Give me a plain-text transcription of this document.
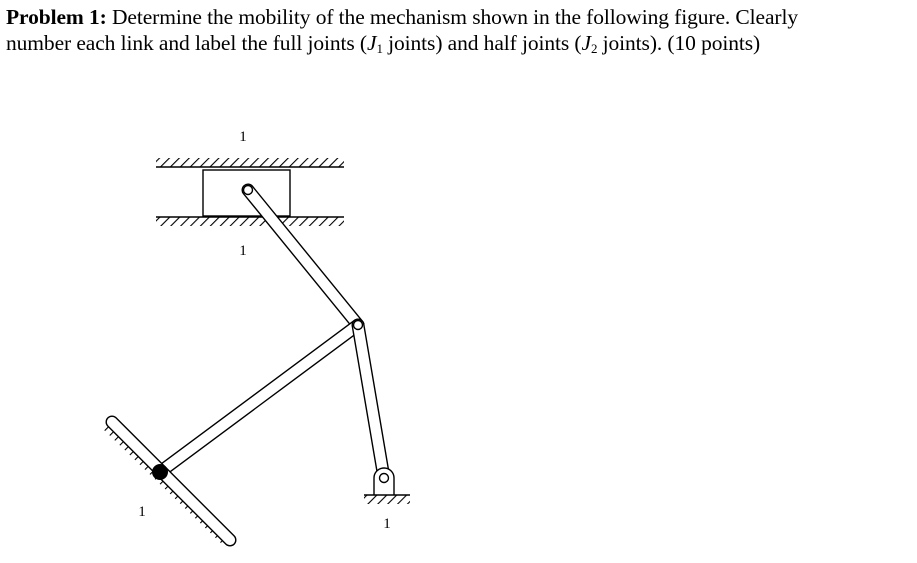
Problem 1: Determine the mobility of the mechanism shown in the following figure. Clearly
number each link and label the full joints ($J_1$ joints) and half joints ($J_2$ joints). (10 points)
1
1
1
1
